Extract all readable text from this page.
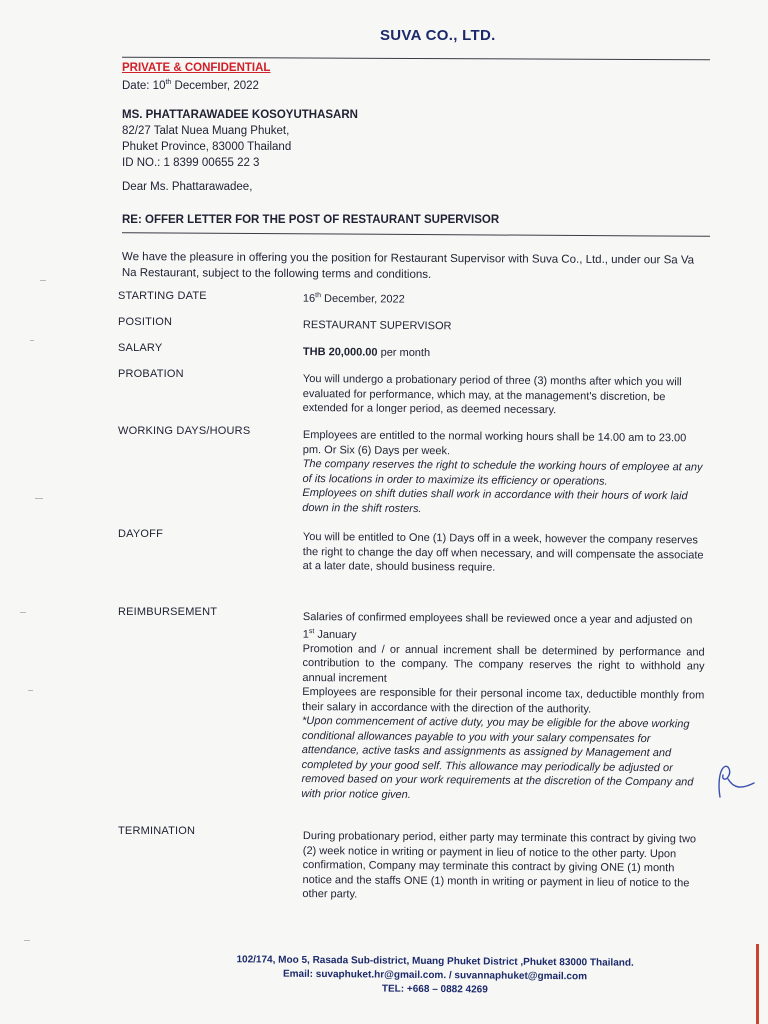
SUVA CO., LTD.
PRIVATE & CONFIDENTIAL
Date: 10th December, 2022
MS. PHATTARAWADEE KOSOYUTHASARN
82/27 Talat Nuea Muang Phuket,
Phuket Province, 83000 Thailand
ID NO.: 1 8399 00655 22 3
Dear Ms. Phattarawadee,
RE: OFFER LETTER FOR THE POST OF RESTAURANT SUPERVISOR
We have the pleasure in offering you the position for Restaurant Supervisor with Suva Co., Ltd., under our Sa Va Na Restaurant, subject to the following terms and conditions.
STARTING DATE	16th December, 2022
POSITION	RESTAURANT SUPERVISOR
SALARY	THB 20,000.00 per month
PROBATION	You will undergo a probationary period of three (3) months after which you will evaluated for performance, which may, at the management's discretion, be extended for a longer period, as deemed necessary.
WORKING DAYS/HOURS	Employees are entitled to the normal working hours shall be 14.00 am to 23.00 pm. Or Six (6) Days per week.
The company reserves the right to schedule the working hours of employee at any of its locations in order to maximize its efficiency or operations.
Employees on shift duties shall work in accordance with their hours of work laid down in the shift rosters.
DAYOFF	You will be entitled to One (1) Days off in a week, however the company reserves the right to change the day off when necessary, and will compensate the associate at a later date, should business require.
REIMBURSEMENT	Salaries of confirmed employees shall be reviewed once a year and adjusted on 1st January
Promotion and / or annual increment shall be determined by performance and contribution to the company. The company reserves the right to withhold any annual increment
Employees are responsible for their personal income tax, deductible monthly from their salary in accordance with the direction of the authority.
*Upon commencement of active duty, you may be eligible for the above working conditional allowances payable to you with your salary compensates for attendance, active tasks and assignments as assigned by Management and completed by your good self. This allowance may periodically be adjusted or removed based on your work requirements at the discretion of the Company and with prior notice given.
TERMINATION	During probationary period, either party may terminate this contract by giving two (2) week notice in writing or payment in lieu of notice to the other party. Upon confirmation, Company may terminate this contract by giving ONE (1) month notice and the staffs ONE (1) month in writing or payment in lieu of notice to the other party.
102/174, Moo 5, Rasada Sub-district, Muang Phuket District ,Phuket 83000 Thailand.
Email: suvaphuket.hr@gmail.com. / suvannaphuket@gmail.com
TEL: +668 – 0882 4269
